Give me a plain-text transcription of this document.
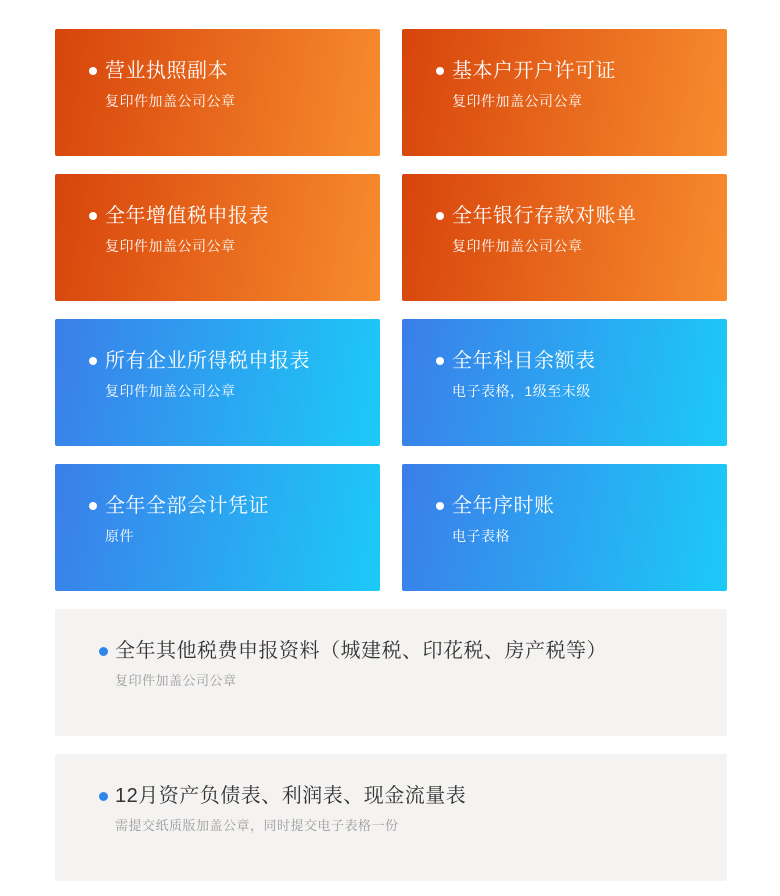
营业执照副本
复印件加盖公司公章
基本户开户许可证
复印件加盖公司公章
全年增值税申报表
复印件加盖公司公章
全年银行存款对账单
复印件加盖公司公章
所有企业所得税申报表
复印件加盖公司公章
全年科目余额表
电子表格，1级至末级
全年全部会计凭证
原件
全年序时账
电子表格
全年其他税费申报资料（城建税、印花税、房产税等）
复印件加盖公司公章
12月资产负债表、利润表、现金流量表
需提交纸质版加盖公章，同时提交电子表格一份
